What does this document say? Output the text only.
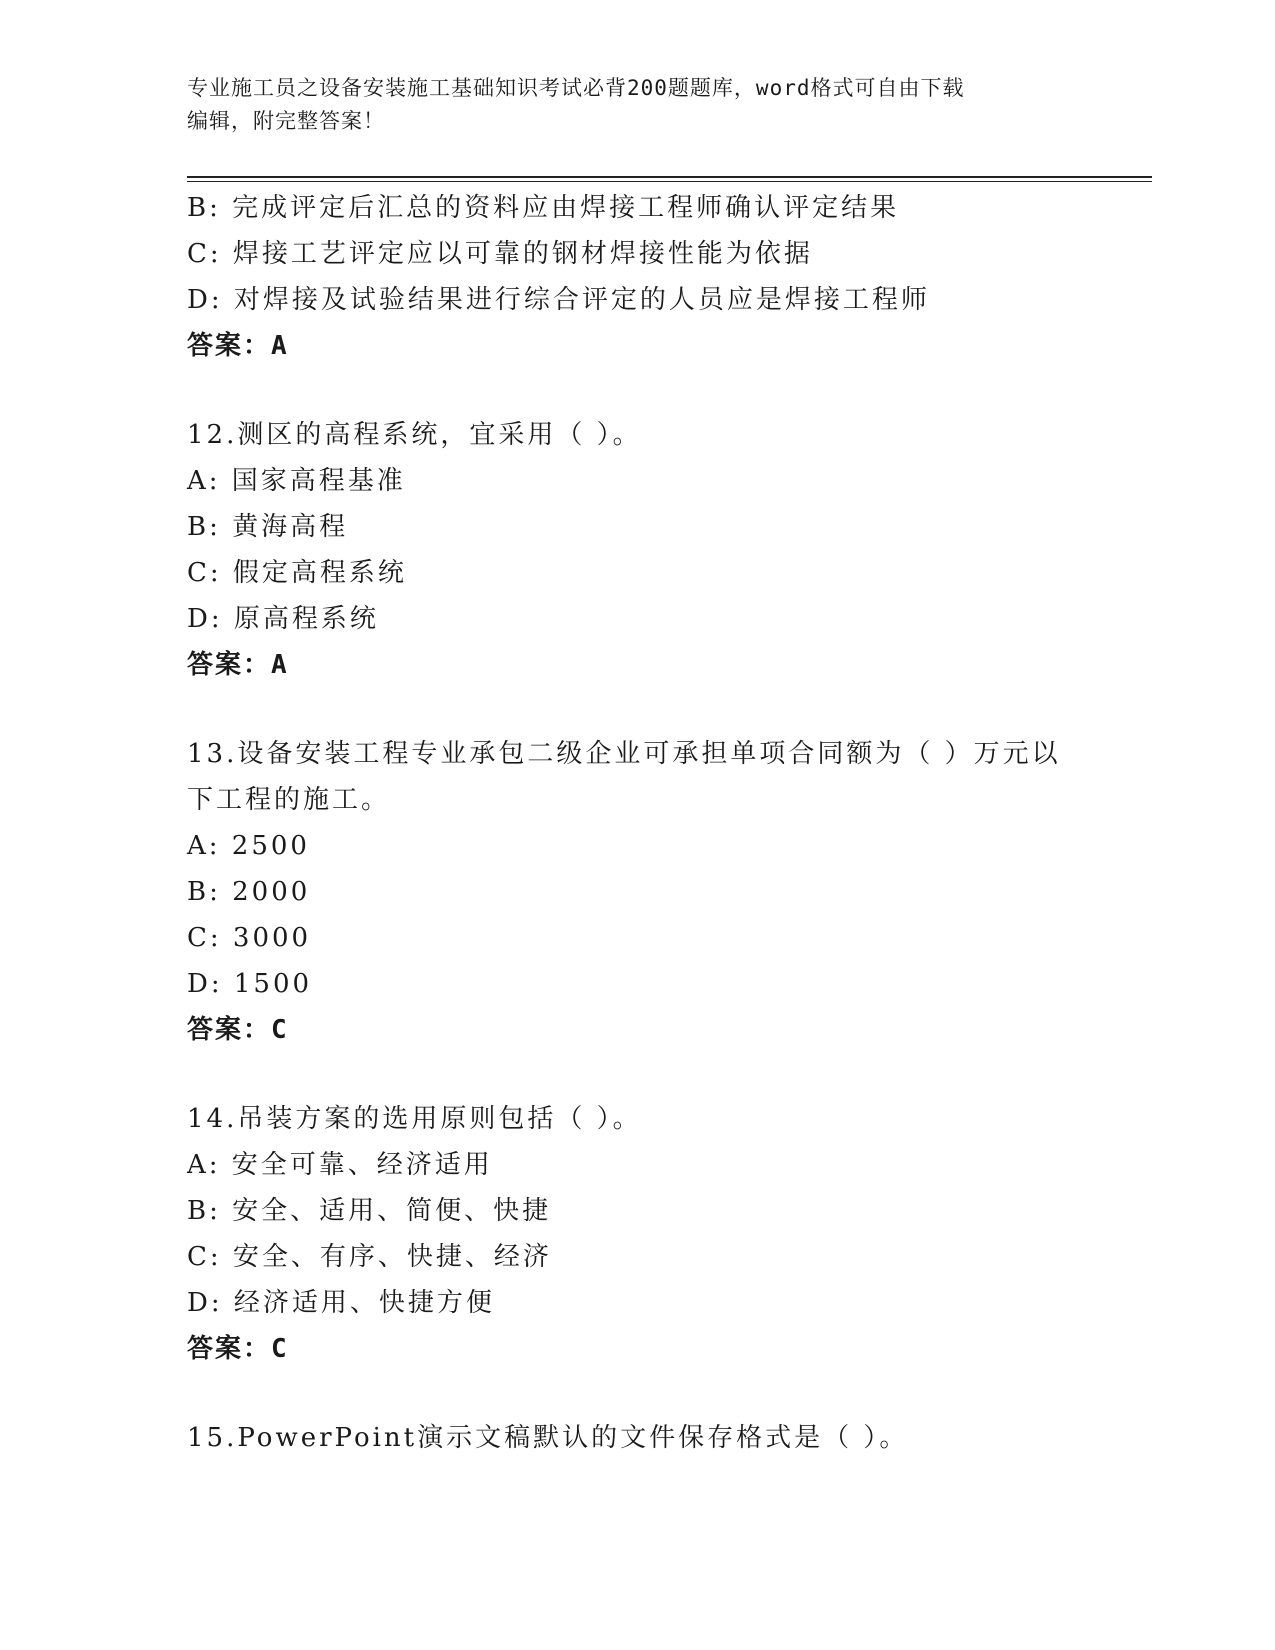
专业施工员之设备安装施工基础知识考试必背200题题库，word格式可自由下载
编辑，附完整答案！
B: 完成评定后汇总的资料应由焊接工程师确认评定结果
C: 焊接工艺评定应以可靠的钢材焊接性能为依据
D: 对焊接及试验结果进行综合评定的人员应是焊接工程师
答案：A
12.测区的高程系统，宜采用（ ）。
A: 国家高程基准
B: 黄海高程
C: 假定高程系统
D: 原高程系统
答案：A
13.设备安装工程专业承包二级企业可承担单项合同额为（ ）万元以
下工程的施工。
A: 2500
B: 2000
C: 3000
D: 1500
答案：C
14.吊装方案的选用原则包括（ ）。
A: 安全可靠、经济适用
B: 安全、适用、简便、快捷
C: 安全、有序、快捷、经济
D: 经济适用、快捷方便
答案：C
15.PowerPoint演示文稿默认的文件保存格式是（ ）。
